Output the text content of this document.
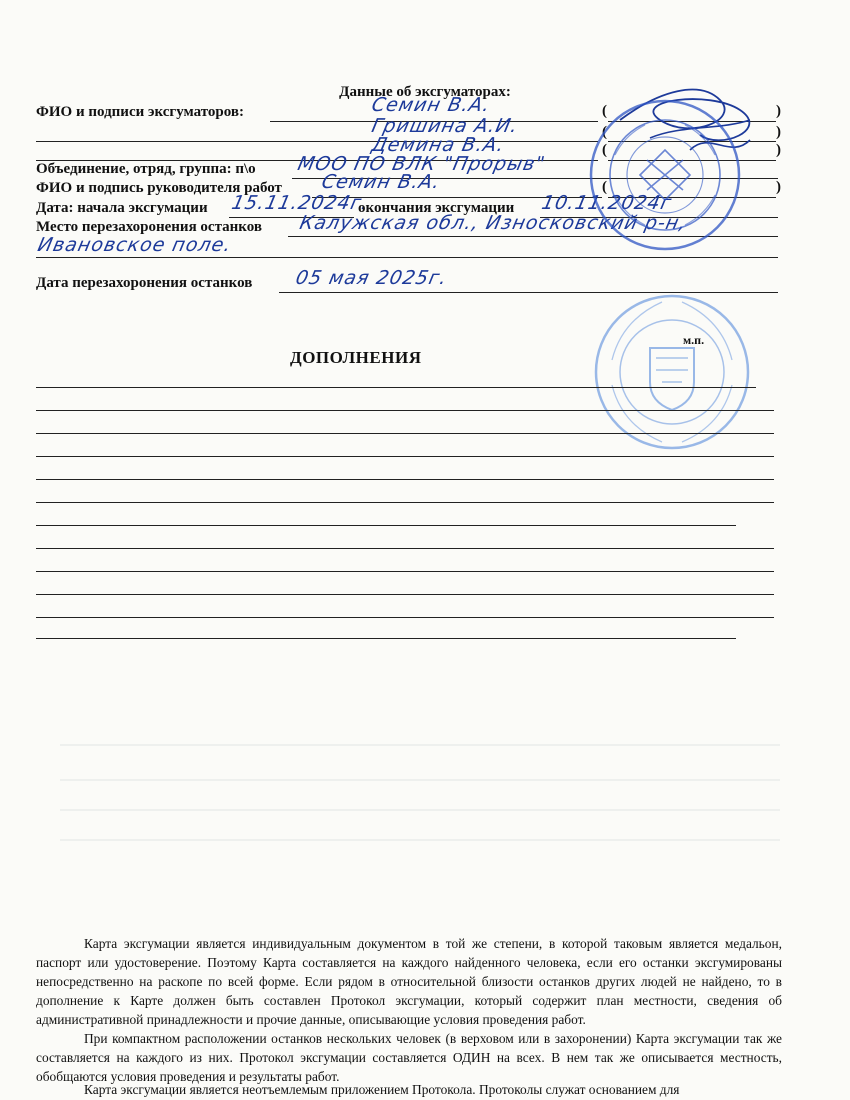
Данные об эксгуматорах:
ФИО и подписи эксгуматоров:	Семин В.А.	(	)
Гришина А.И.	(	)
Демина В.А.	(	)
Объединение, отряд, группа: п\о МОО ПО ВЛК "Прорыв"
ФИО и подпись руководителя работ Семин В.А.	(	)
Дата: начала эксгумации 15.11.2024г.
окончания эксгумации 10.11.2024г
Место перезахоронения останков Калужская обл., Износковский р-н,
Ивановское поле.
Дата перезахоронения останков 05 мая 2025г.
м.п.
ДОПОЛНЕНИЯ
Карта эксгумации является индивидуальным документом в той же степени, в которой таковым является медальон, паспорт или удостоверение. Поэтому Карта составляется на каждого найденного человека, если его останки эксгумированы непосредственно на раскопе по всей форме. Если рядом в относительной близости останков других людей не найдено, то в дополнение к Карте должен быть составлен Протокол эксгумации, который содержит план местности, сведения об административной принадлежности и прочие данные, описывающие условия проведения работ.
При компактном расположении останков нескольких человек (в верховом или в захоронении) Карта эксгумации так же составляется на каждого из них. Протокол эксгумации составляется ОДИН на всех. В нем так же описывается местность, обобщаются условия проведения и результаты работ.
Карта эксгумации является неотъемлемым приложением Протокола. Протоколы служат основанием для
